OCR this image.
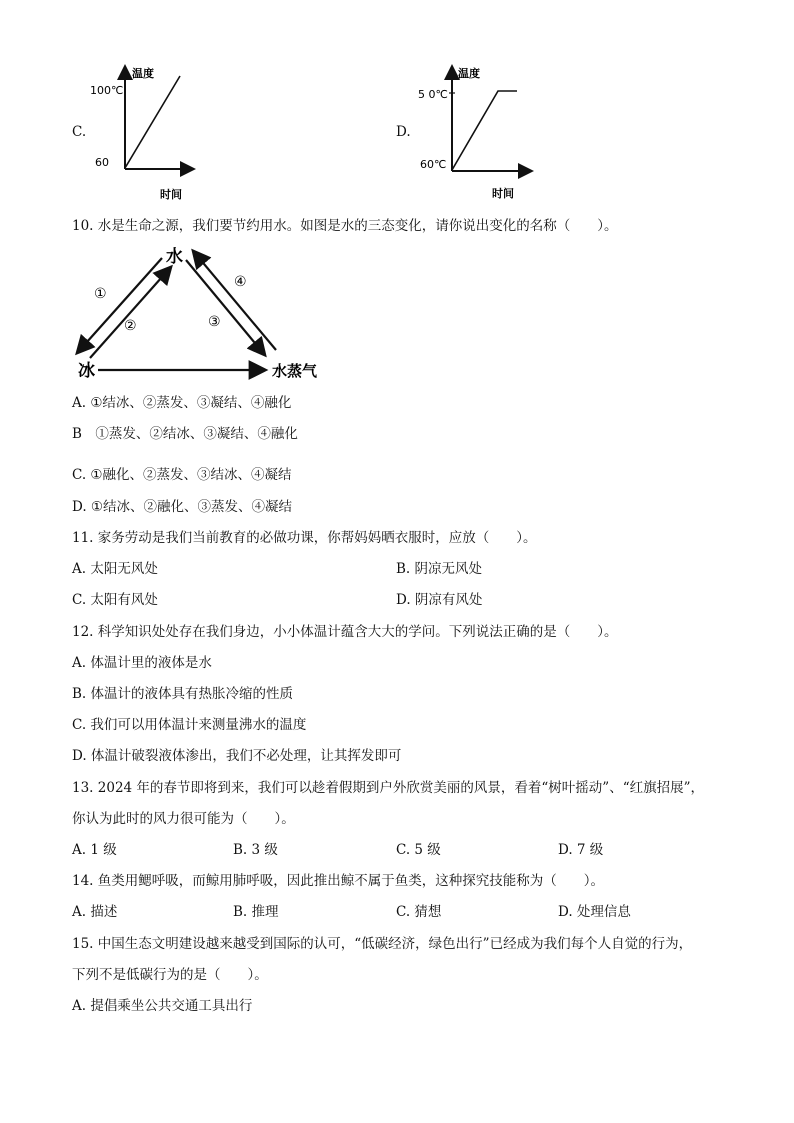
C.
温度
100℃
60
时间
D.
温度
5 0℃
60℃
时间
10. 水是生命之源，我们要节约用水。如图是水的三态变化，请你说出变化的名称（　　）。
水
冰	水蒸气
①
②	③
④
A. ①结冰、②蒸发、③凝结、④融化
B　①蒸发、②结冰、③凝结、④融化
C. ①融化、②蒸发、③结冰、④凝结
D. ①结冰、②融化、③蒸发、④凝结
11. 家务劳动是我们当前教育的必做功课，你帮妈妈晒衣服时，应放（　　）。
A. 太阳无风处	B. 阴凉无风处
C. 太阳有风处	D. 阴凉有风处
12. 科学知识处处存在我们身边，小小体温计蕴含大大的学问。下列说法正确的是（　　）。
A. 体温计里的液体是水
B. 体温计的液体具有热胀冷缩的性质
C. 我们可以用体温计来测量沸水的温度
D. 体温计破裂液体渗出，我们不必处理，让其挥发即可
13. 2024 年的春节即将到来，我们可以趁着假期到户外欣赏美丽的风景，看着“树叶摇动”、“红旗招展”，
你认为此时的风力很可能为（　　）。
A. 1 级	B. 3 级	C. 5 级	D. 7 级
14. 鱼类用鳃呼吸，而鲸用肺呼吸，因此推出鲸不属于鱼类，这种探究技能称为（　　）。
A. 描述	B. 推理	C. 猜想	D. 处理信息
15. 中国生态文明建设越来越受到国际的认可，“低碳经济，绿色出行”已经成为我们每个人自觉的行为，
下列不是低碳行为的是（　　）。
A. 提倡乘坐公共交通工具出行
